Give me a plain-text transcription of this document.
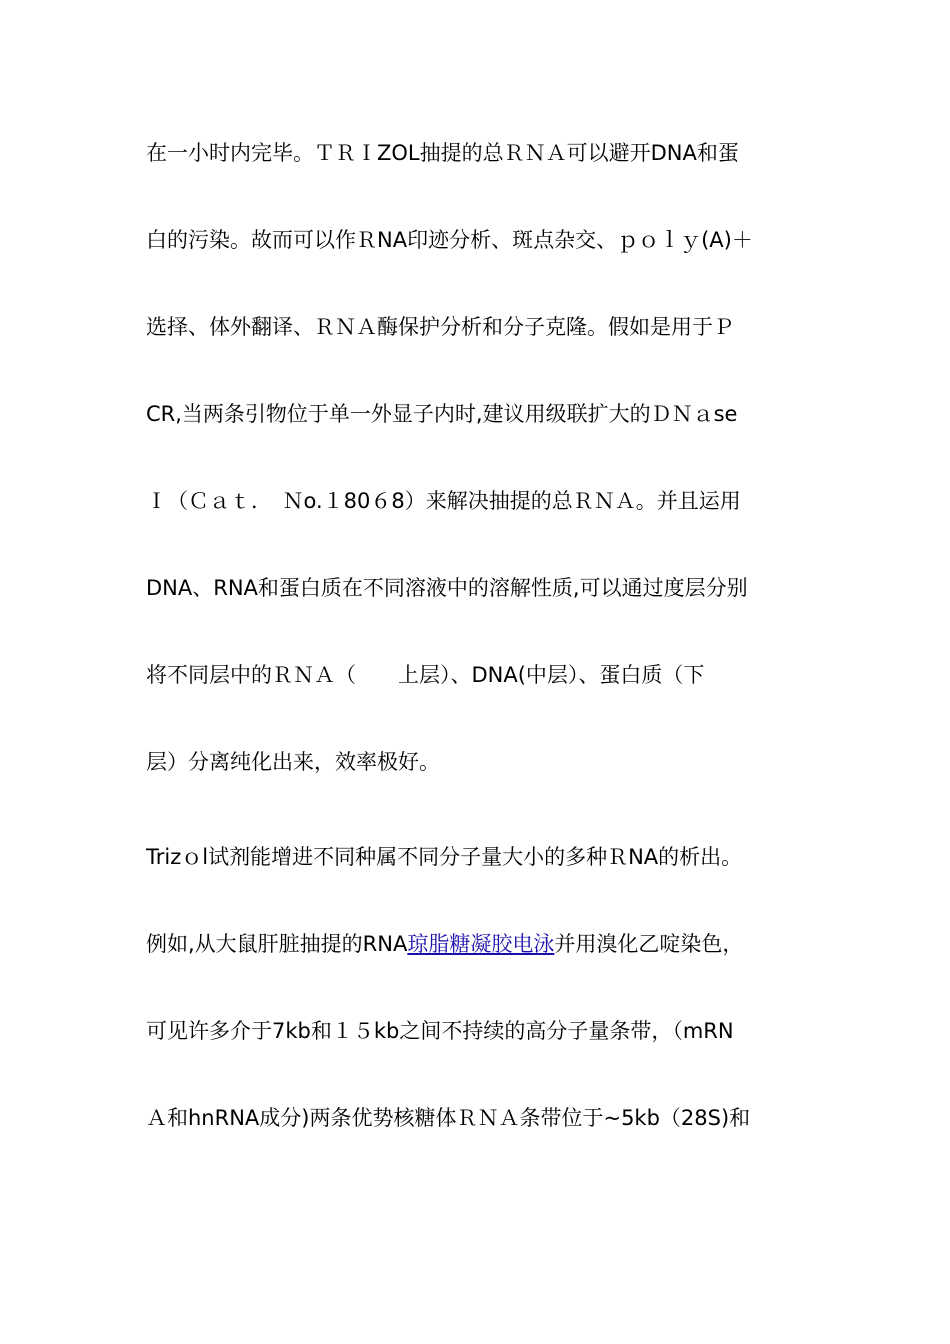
在一小时内完毕。ＴＲＩZOL抽提的总ＲＮＡ可以避开DNA和蛋
白的污染。故而可以作ＲNA印迹分析、斑点杂交、ｐｏｌｙ(A)＋
选择、体外翻译、ＲＮＡ酶保护分析和分子克隆。假如是用于Ｐ
CR,当两条引物位于单一外显子内时,建议用级联扩大的ＤＮａse
Ｉ（Ｃａｔ．　Ｎo.１80６8）来解决抽提的总ＲＮＡ。并且运用
DNA、RNA和蛋白质在不同溶液中的溶解性质,可以通过度层分别
将不同层中的ＲＮＡ（　　上层）、DNA(中层）、蛋白质（下
层）分离纯化出来，效率极好。
Trizｏl试剂能增进不同种属不同分子量大小的多种ＲNA的析出。
例如,从大鼠肝脏抽提的RNA琼脂糖凝胶电泳并用溴化乙啶染色，
可见许多介于7kb和１５kb之间不持续的高分子量条带，（mRN
Ａ和hnRNA成分)两条优势核糖体ＲＮＡ条带位于~5kb（28S)和
